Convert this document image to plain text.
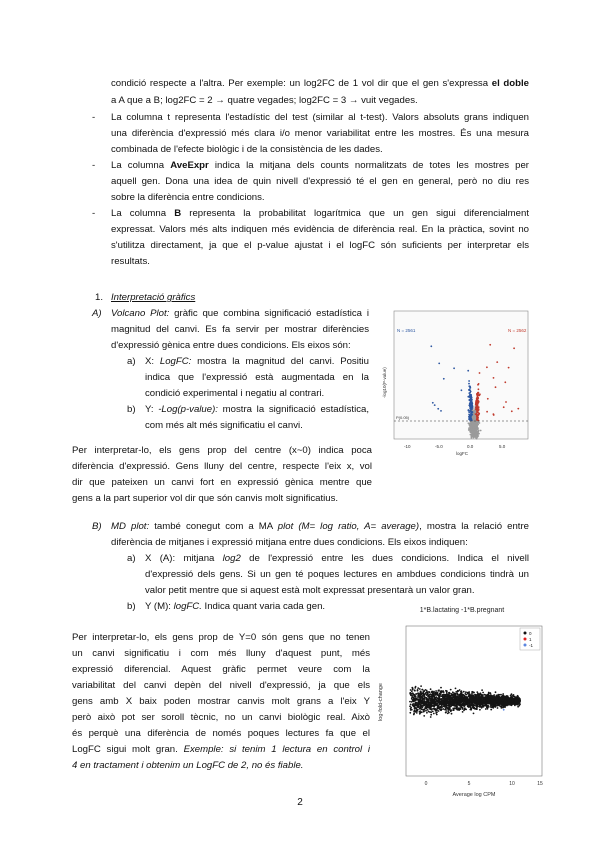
condició respecte a l'altra. Per exemple: un log2FC de 1 vol dir que el gen s'expressa el doble

a A que a B; log2FC = 2 → quatre vegades; log2FC = 3 → vuit vegades.

- La columna t representa l'estadístic del test (similar al t-test). Valors absoluts grans indiquen

una diferència d'expressió més clara i/o menor variabilitat entre les mostres. És una mesura

combinada de l'efecte biològic i de la consistència de les dades.

- La columna AveExpr indica la mitjana dels counts normalitzats de totes les mostres per

aquell gen. Dona una idea de quin nivell d'expressió té el gen en general, però no diu res

sobre la diferència entre condicions.

- La columna B representa la probabilitat logarítmica que un gen sigui diferencialment

expressat. Valors més alts indiquen més evidència de diferència real. En la pràctica, sovint no

s'utilitza directament, ja que el p-value ajustat i el logFC són suficients per interpretar els

resultats.

1. Interpretació gràfics

A) Volcano Plot: gràfic que combina significació estadística i

magnitud del canvi. Es fa servir per mostrar diferències

d'expressió gènica entre dues condicions. Els eixos són:

a) X: LogFC: mostra la magnitud del canvi. Positiu

indica que l'expressió està augmentada en la

condició experimental i negatiu al contrari.

b) Y: -Log(p-value): mostra la significació estadística,

com més alt més significatiu el canvi.

Per interpretar-lo, els gens prop del centre (x~0) indica poca

diferència d'expressió. Gens lluny del centre, respecte l'eix x, vol

dir que pateixen un canvi fort en expressió gènica mentre que

gens a la part superior vol dir que són canvis molt significatius.

N = 2561	N = 2562
P(0.05)
-10	-5.0	0.0	5.0
logFC
-log10(P-value)

B) MD plot: també conegut com a MA plot (M= log ratio, A= average), mostra la relació entre

diferència de mitjanes i expressió mitjana entre dues condicions. Els eixos indiquen:

a) X (A): mitjana log2 de l'expressió entre les dues condicions. Indica el nivell

d'expressió dels gens. Si un gen té poques lectures en ambdues condicions tindrà un

valor petit mentre que si aquest està molt expressat presentarà un valor gran.

b) Y (M): logFC. Indica quant varia cada gen.

Per interpretar-lo, els gens prop de Y=0 són gens que no tenen

un canvi significatiu i com més lluny d'aquest punt, més

expressió diferencial. Aquest gràfic permet veure com la

variabilitat del canvi depèn del nivell d'expressió, ja que els

gens amb X baix poden mostrar canvis molt grans a l'eix Y

però això pot ser soroll tècnic, no un canvi biològic real. Això

és perquè una diferència de només poques lectures fa que el

LogFC sigui molt gran. Exemple: si tenim 1 lectura en control i

4 en tractament i obtenim un LogFC de 2, no és fiable.

1*B.lactating -1*B.pregnant
0
1
-1
0	5	10	15
Average log CPM
log-fold-change
2
